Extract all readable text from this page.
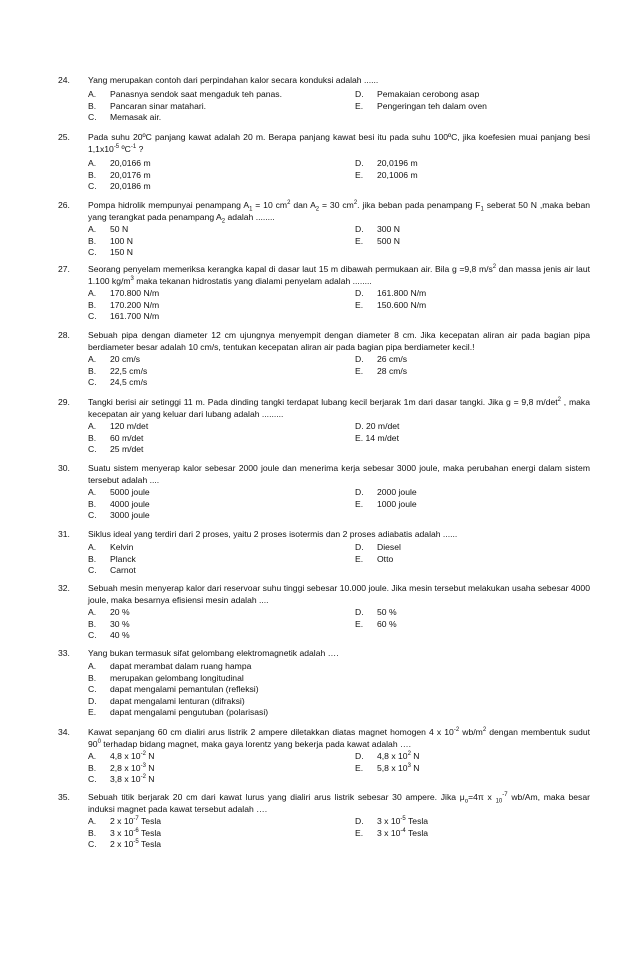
24.	Yang merupakan contoh dari perpindahan kalor secara konduksi adalah ......
A. Panasnya sendok saat mengaduk teh panas.
B. Pancaran sinar matahari.
C. Memasak air.
D. Pemakaian cerobong asap
E. Pengeringan teh dalam oven
25.	Pada suhu 20ºC panjang kawat adalah 20 m. Berapa panjang kawat besi itu pada suhu 100ºC, jika koefesien muai panjang besi $1,1x10^{-5}$ ºC$^{-1}$ ?
A. 20,0166 m
B. 20,0176 m
C. 20,0186 m
D. 20,0196 m
E. 20,1006 m
26.	Pompa hidrolik mempunyai penampang $A_1 = 10$ $cm^2$ dan $A_2 = 30$ $cm^2$. jika beban pada penampang $F_1$ seberat 50 N ,maka beban yang terangkat pada penampang $A_2$ adalah ........
A. 50 N
B. 100 N
C. 150 N
D. 300 N
E. 500 N
27.	Seorang penyelam memeriksa kerangka kapal di dasar laut 15 m dibawah permukaan air. Bila g =9,8 $m/s^2$ dan massa jenis air laut 1.100 $kg/m^3$ maka tekanan hidrostatis yang dialami penyelam adalah ........
A. 170.800 N/m
B. 170.200 N/m
C. 161.700 N/m
D. 161.800 N/m
E. 150.600 N/m
28.	Sebuah pipa dengan diameter 12 cm ujungnya menyempit dengan diameter 8 cm. Jika kecepatan aliran air pada bagian pipa berdiameter besar adalah 10 cm/s, tentukan kecepatan aliran air pada bagian pipa berdiameter kecil.!
A. 20 cm/s
B. 22,5 cm/s
C. 24,5 cm/s
D. 26 cm/s
E. 28 cm/s
29.	Tangki berisi air setinggi 11 m. Pada dinding tangki terdapat lubang kecil berjarak 1m dari dasar tangki. Jika g = 9,8 $m/\det^2$ , maka kecepatan air yang keluar dari lubang adalah .........
A. 120 m/det
B. 60 m/det
C. 25 m/det
D. 20 m/det
E. 14 m/det
30.	Suatu sistem menyerap kalor sebesar 2000 joule dan menerima kerja sebesar 3000 joule, maka perubahan energi dalam sistem tersebut adalah ....
A. 5000 joule
B. 4000 joule
C. 3000 joule
D. 2000 joule
E. 1000 joule
31.	Siklus ideal yang terdiri dari 2 proses, yaitu 2 proses isotermis dan 2 proses adiabatis adalah ......
A. Kelvin
B. Planck
C. Carnot
D. Diesel
E. Otto
32.	Sebuah mesin menyerap kalor dari reservoar suhu tinggi sebesar 10.000 joule. Jika mesin tersebut melakukan usaha sebesar 4000 joule, maka besarnya efisiensi mesin adalah ....
A. 20 %
B. 30 %
C. 40 %
D. 50 %
E. 60 %
33.	Yang bukan termasuk sifat gelombang elektromagnetik adalah ….
A. dapat merambat dalam ruang hampa
B. merupakan gelombang longitudinal
C. dapat mengalami pemantulan (refleksi)
D. dapat mengalami lenturan (difraksi)
E. dapat mengalami pengutuban (polarisasi)
34.	Kawat sepanjang 60 cm dialiri arus listrik 2 ampere diletakkan diatas magnet homogen 4 x $10^{-2}$ $wb/m^2$ dengan membentuk sudut $90^0$ terhadap bidang magnet, maka gaya lorentz yang bekerja pada kawat adalah ….
A. 4,8 x $10^{-2}$ N
B. 2,8 x $10^{-3}$ N
C. 3,8 x $10^{-2}$ N
D. 4,8 x $10^2$ N
E. 5,8 x $10^3$ N
35.	Sebuah titik berjarak 20 cm dari kawat lurus yang dialiri arus listrik sebesar 30 ampere. Jika $\mu_o=4\pi$ x $_{10}^{-7}$ wb/Am, maka besar induksi magnet pada kawat tersebut adalah ….
A. 2 x $10^{-7}$ Tesla
B. 3 x $10^{-6}$ Tesla
C. 2 x $10^{-5}$ Tesla
D. 3 x $10^{-5}$ Tesla
E. 3 x $10^{-4}$ Tesla
